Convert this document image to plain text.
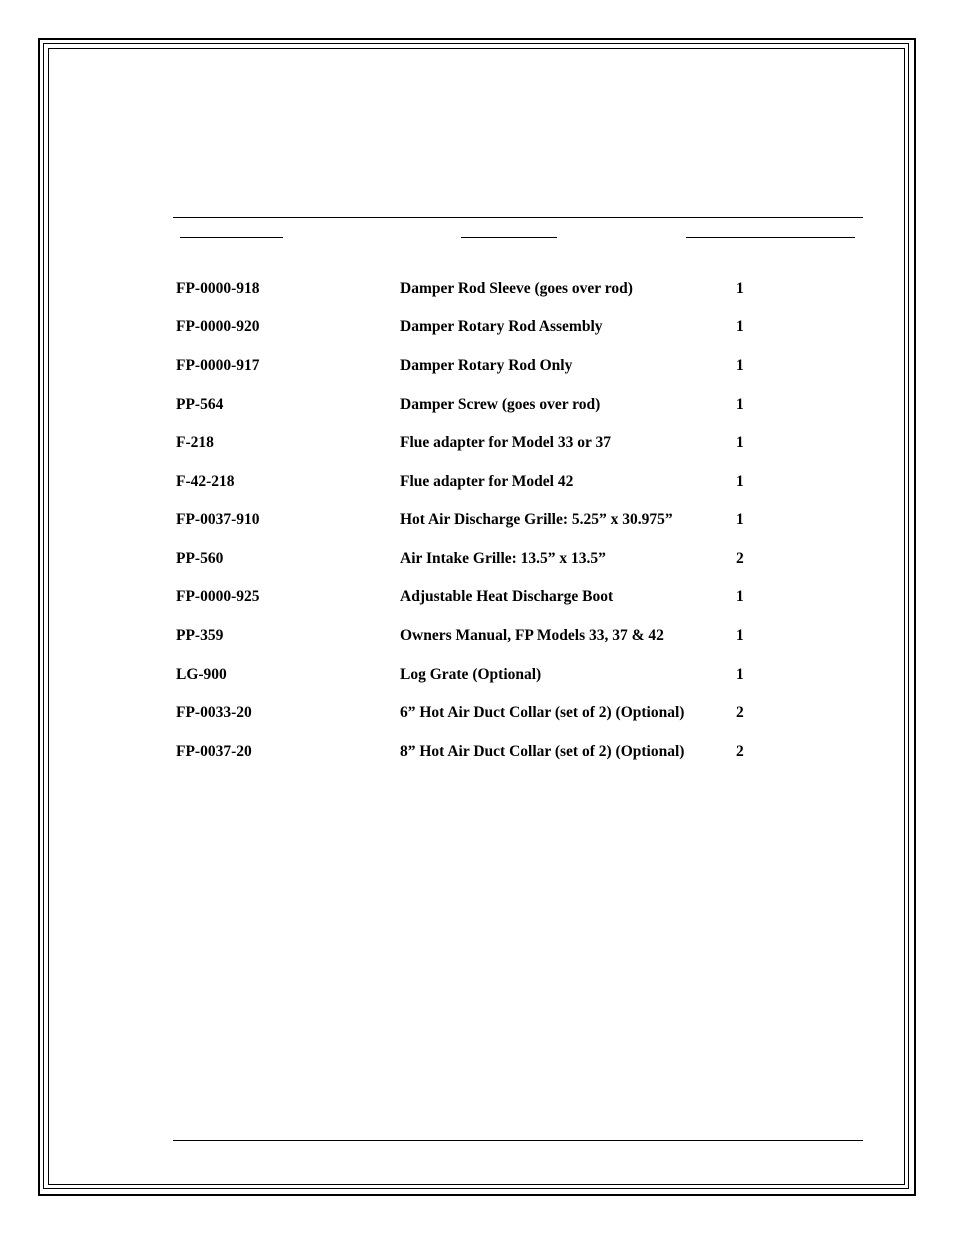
FP-0000-918	Damper Rod Sleeve (goes over rod)	1
FP-0000-920	Damper Rotary Rod Assembly	1
FP-0000-917	Damper Rotary Rod Only	1
PP-564	Damper Screw (goes over rod)	1
F-218	Flue adapter for Model 33 or 37	1
F-42-218	Flue adapter for Model 42	1
FP-0037-910	Hot Air Discharge Grille: 5.25” x 30.975”	1
PP-560	Air Intake Grille: 13.5” x 13.5”	2
FP-0000-925	Adjustable Heat Discharge Boot	1
PP-359	Owners Manual, FP Models 33, 37 & 42	1
LG-900	Log Grate (Optional)	1
FP-0033-20	6” Hot Air Duct Collar (set of 2) (Optional)	2
FP-0037-20	8” Hot Air Duct Collar (set of 2) (Optional)	2
